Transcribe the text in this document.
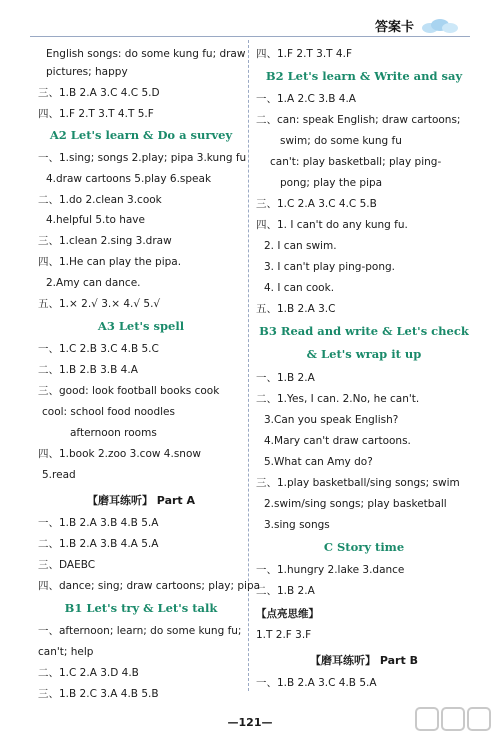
答案卡
English songs: do some kung fu; draw
pictures; happy
三、1.B 2.A 3.C 4.C 5.D
四、1.F 2.T 3.T 4.T 5.F
A2 Let's learn & Do a survey
一、1.sing; songs 2.play; pipa 3.kung fu
4.draw cartoons 5.play 6.speak
二、1.do 2.clean 3.cook
4.helpful 5.to have
三、1.clean 2.sing 3.draw
四、1.He can play the pipa.
2.Amy can dance.
五、1.× 2.√ 3.× 4.√ 5.√
A3 Let's spell
一、1.C 2.B 3.C 4.B 5.C
二、1.B 2.B 3.B 4.A
三、good: look football books cook
cool: school food noodles
afternoon rooms
四、1.book 2.zoo 3.cow 4.snow
5.read
【磨耳练听】 Part A
一、1.B 2.A 3.B 4.B 5.A
二、1.B 2.A 3.B 4.A 5.A
三、DAEBC
四、dance; sing; draw cartoons; play; pipa
B1 Let's try & Let's talk
一、afternoon; learn; do some kung fu;
can't; help
二、1.C 2.A 3.D 4.B
三、1.B 2.C 3.A 4.B 5.B
四、1.F 2.T 3.T 4.F
B2 Let's learn & Write and say
一、1.A 2.C 3.B 4.A
二、can: speak English; draw cartoons;
swim; do some kung fu
can't: play basketball; play ping-
pong; play the pipa
三、1.C 2.A 3.C 4.C 5.B
四、1. I can't do any kung fu.
2. I can swim.
3. I can't play ping-pong.
4. I can cook.
五、1.B 2.A 3.C
B3 Read and write & Let's check
& Let's wrap it up
一、1.B 2.A
二、1.Yes, I can. 2.No, he can't.
3.Can you speak English?
4.Mary can't draw cartoons.
5.What can Amy do?
三、1.play basketball/sing songs; swim
2.swim/sing songs; play basketball
3.sing songs
C Story time
一、1.hungry 2.lake 3.dance
二、1.B 2.A
【点亮思维】
1.T 2.F 3.F
【磨耳练听】 Part B
一、1.B 2.A 3.C 4.B 5.A
—121—
